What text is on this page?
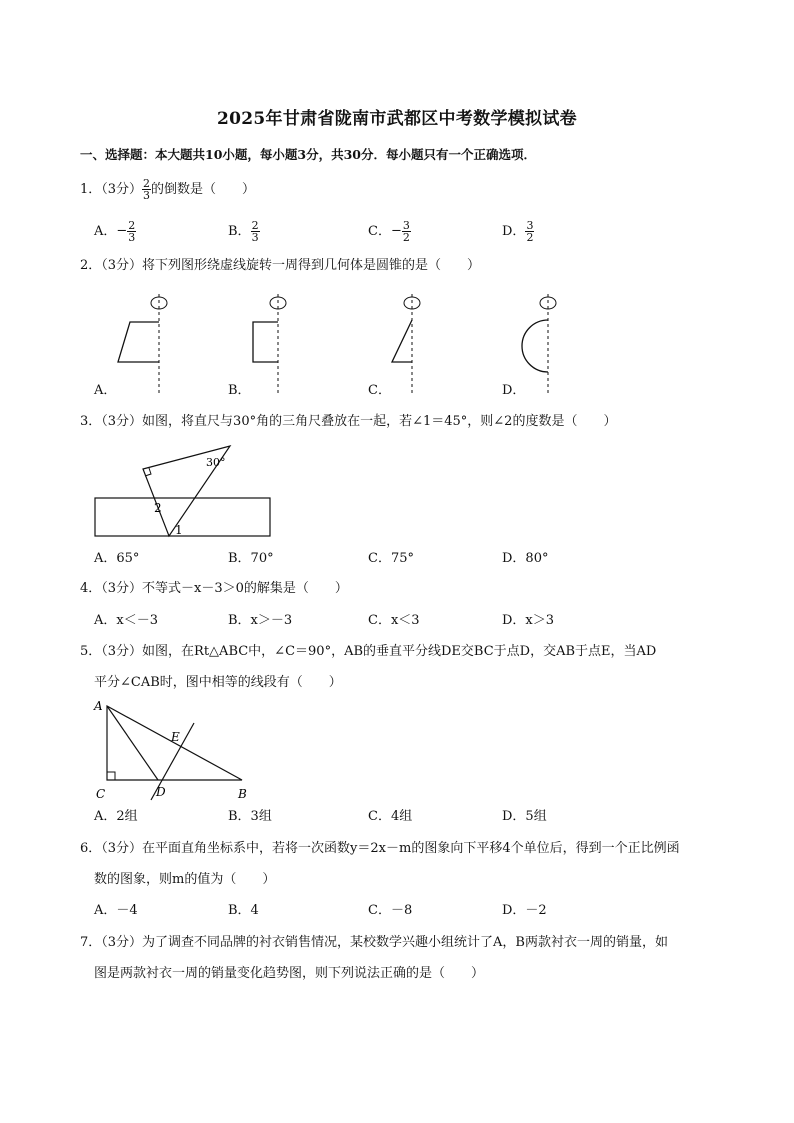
2025年甘肃省陇南市武都区中考数学模拟试卷
一、选择题：本大题共10小题，每小题3分，共30分．每小题只有一个正确选项．
1．（3分） $\frac{2}{3}$ 的倒数是（　　）
A．− $\frac{2}{3}$	B． $\frac{2}{3}$	C．− $\frac{3}{2}$	D． $\frac{3}{2}$
2．（3分）将下列图形绕虚线旋转一周得到几何体是圆锥的是（　　）
A．	B．	C．	D．
3．（3分）如图，将直尺与30°角的三角尺叠放在一起，若∠1＝45°，则∠2的度数是（　　）
30°
2
1
A．65°	B．70°	C．75°	D．80°
4．（3分）不等式－x－3＞0的解集是（　　）
A．x＜－3	B．x＞－3	C．x＜3	D．x＞3
5．（3分）如图，在Rt△ABC中，∠C＝90°，AB的垂直平分线DE交BC于点D，交AB于点E，当AD
平分∠CAB时，图中相等的线段有（　　）
A
C	D	B
E
A．2组	B．3组	C．4组	D．5组
6．（3分）在平面直角坐标系中，若将一次函数y＝2x－m的图象向下平移4个单位后，得到一个正比例函
数的图象，则m的值为（　　）
A．－4	B．4	C．－8	D．－2
7．（3分）为了调查不同品牌的衬衣销售情况，某校数学兴趣小组统计了A，B两款衬衣一周的销量，如
图是两款衬衣一周的销量变化趋势图，则下列说法正确的是（　　）
